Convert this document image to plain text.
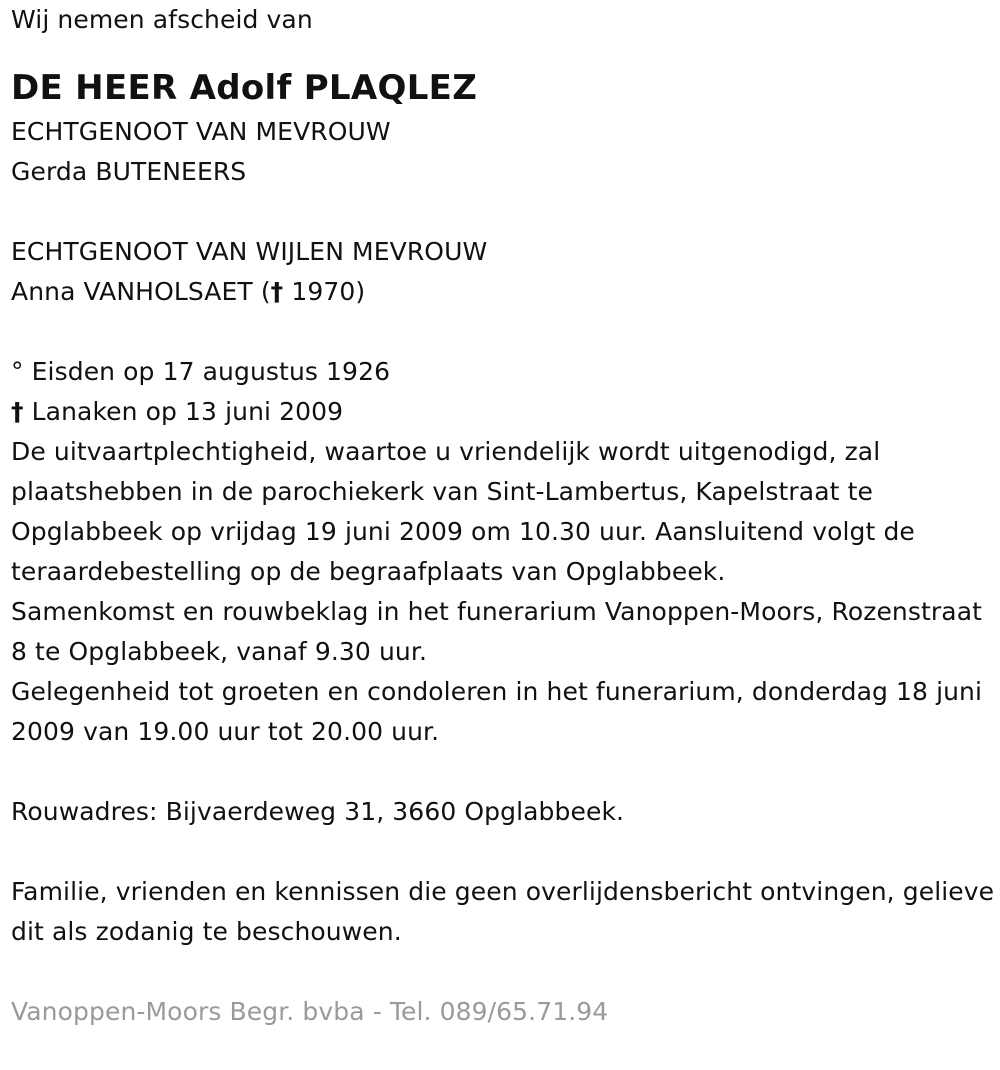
Wij nemen afscheid van
DE HEER Adolf PLAQLEZ
ECHTGENOOT VAN MEVROUW
Gerda BUTENEERS
ECHTGENOOT VAN WIJLEN MEVROUW
Anna VANHOLSAET († 1970)
° Eisden op 17 augustus 1926
† Lanaken op 13 juni 2009
De uitvaartplechtigheid, waartoe u vriendelijk wordt uitgenodigd, zal plaatshebben in de parochiekerk van Sint-Lambertus, Kapelstraat te Opglabbeek op vrijdag 19 juni 2009 om 10.30 uur. Aansluitend volgt de teraardebestelling op de begraafplaats van Opglabbeek.
Samenkomst en rouwbeklag in het funerarium Vanoppen-Moors, Rozenstraat 8 te Opglabbeek, vanaf 9.30 uur.
Gelegenheid tot groeten en condoleren in het funerarium, donderdag 18 juni 2009 van 19.00 uur tot 20.00 uur.
Rouwadres: Bijvaerdeweg 31, 3660 Opglabbeek.
Familie, vrienden en kennissen die geen overlijdensbericht ontvingen, gelieve dit als zodanig te beschouwen.
Vanoppen-Moors Begr. bvba - Tel. 089/65.71.94
